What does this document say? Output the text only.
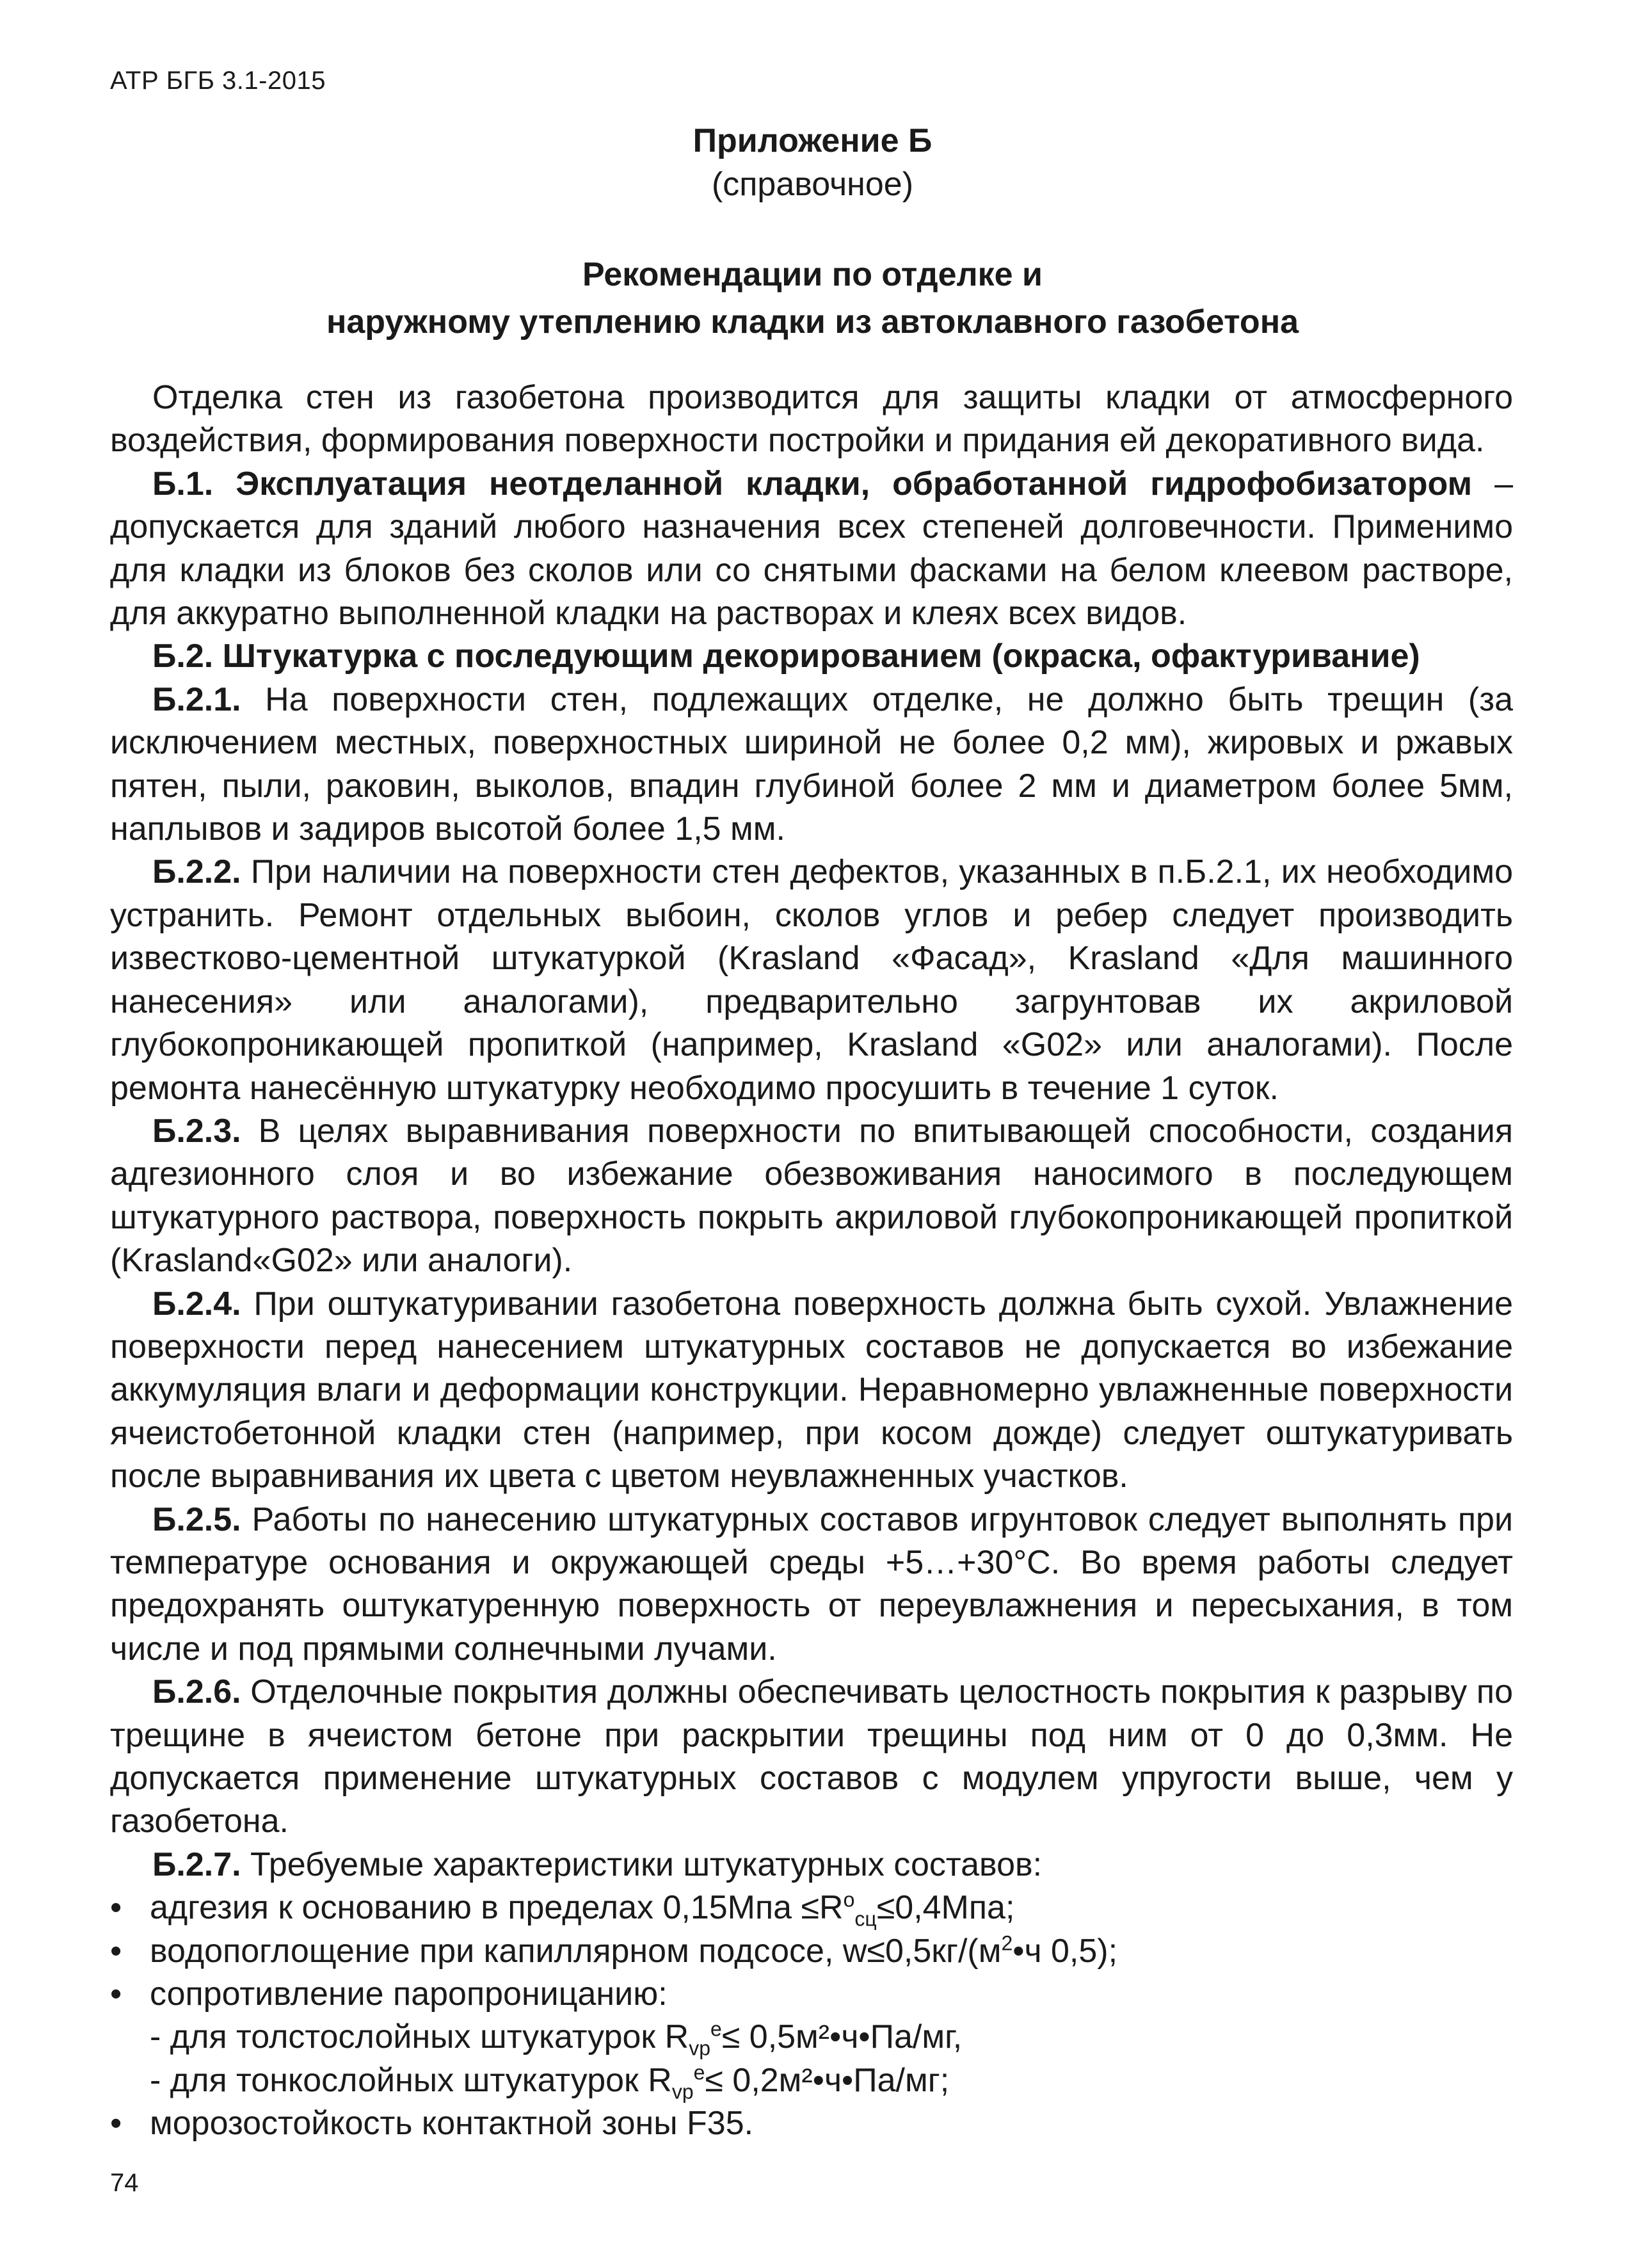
АТР БГБ 3.1-2015
Приложение Б
(справочное)
Рекомендации по отделке и
наружному утеплению кладки из автоклавного газобетона

Отделка стен из газобетона производится для защиты кладки от атмосферного воздействия, формирования поверхности постройки и придания ей декоративного вида.

Б.1. Эксплуатация неотделанной кладки, обработанной гидрофобизатором – допускается для зданий любого назначения всех степеней долговечности. Применимо для кладки из блоков без сколов или со снятыми фасками на белом клеевом растворе, для аккуратно выполненной кладки на растворах и клеях всех видов.

Б.2. Штукатурка с последующим декорированием (окраска, офактуривание)

Б.2.1. На поверхности стен, подлежащих отделке, не должно быть трещин (за исключением местных, поверхностных шириной не более 0,2 мм), жировых и ржавых пятен, пыли, раковин, выколов, впадин глубиной более 2 мм и диаметром более 5мм, наплывов и задиров высотой более 1,5 мм.

Б.2.2. При наличии на поверхности стен дефектов, указанных в п.Б.2.1, их необходимо устранить. Ремонт отдельных выбоин, сколов углов и ребер следует производить известково-цементной штукатуркой (Krasland «Фасад», Krasland «Для машинного нанесения» или аналогами), предварительно загрунтовав их акриловой глубокопроникающей пропиткой (например, Krasland «G02» или аналогами). После ремонта нанесённую штукатурку необходимо просушить в течение 1 суток.

Б.2.3. В целях выравнивания поверхности по впитывающей способности, создания адгезионного слоя и во избежание обезвоживания наносимого в последующем штукатурного раствора, поверхность покрыть акриловой глубокопроникающей пропиткой (Krasland«G02» или аналоги).

Б.2.4. При оштукатуривании газобетона поверхность должна быть сухой. Увлажнение поверхности перед нанесением штукатурных составов не допускается во избежание аккумуляция влаги и деформации конструкции. Неравномерно увлажненные поверхности ячеистобетонной кладки стен (например, при косом дожде) следует оштукатуривать после выравнивания их цвета с цветом неувлажненных участков.

Б.2.5. Работы по нанесению штукатурных составов игрунтовок следует выполнять при температуре основания и окружающей среды +5…+30°С. Во время работы следует предохранять оштукатуренную поверхность от переувлажнения и пересыхания, в том числе и под прямыми солнечными лучами.

Б.2.6. Отделочные покрытия должны обеспечивать целостность покрытия к разрыву по трещине в ячеистом бетоне при раскрытии трещины под ним от 0 до 0,3мм. Не допускается применение штукатурных составов с модулем упругости выше, чем у газобетона.

Б.2.7. Требуемые характеристики штукатурных составов:

• адгезия к основанию в пределах $0,15Мпа \le R^o_{сц}\le 0,4Мпа$;

• водопоглощение при капиллярном подсосе, $w\le 0,5кг/(м^2•ч$ 0,5);

• сопротивление паропроницанию:

- для толстослойных штукатурок $R_{vp}^e\le$ 0,5м²•ч•Па/мг,

- для тонкослойных штукатурок $R_{vp}^e\le$ 0,2м²•ч•Па/мг;

• морозостойкость контактной зоны F35.

74
